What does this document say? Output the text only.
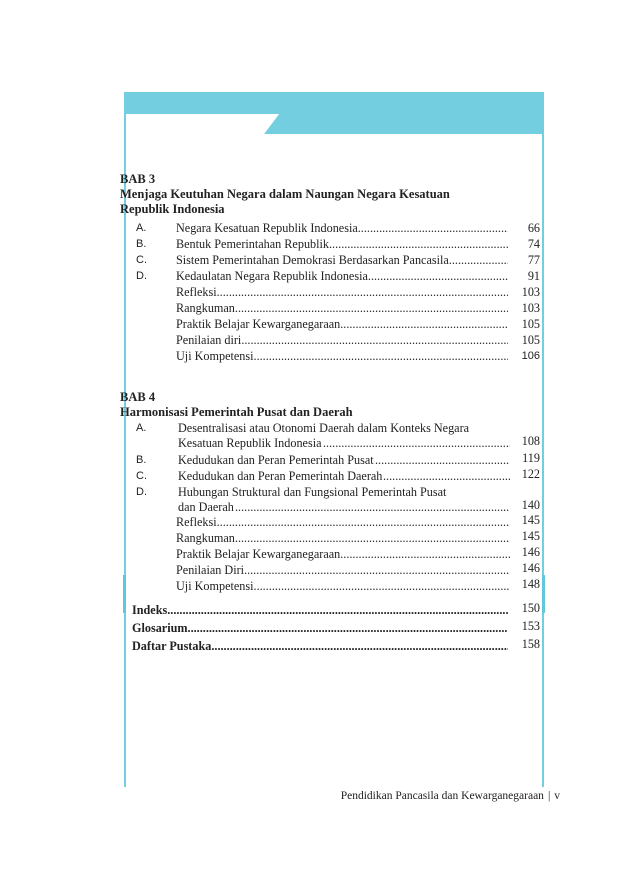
BAB 3
Menjaga Keutuhan Negara dalam Naungan Negara Kesatuan
Republik Indonesia
A. Negara Kesatuan Republik Indonesia .....	66
B. Bentuk Pemerintahan Republik .....	74
C. Sistem Pemerintahan Demokrasi Berdasarkan Pancasila .....	77
D. Kedaulatan Negara Republik Indonesia .....	91
Refleksi .....	103
Rangkuman .....	103
Praktik Belajar Kewarganegaraan .....	105
Penilaian diri .....	105
Uji Kompetensi .....	106
BAB 4
Harmonisasi Pemerintah Pusat dan Daerah
A.	Desentralisasi atau Otonomi Daerah dalam Konteks Negara
Kesatuan Republik Indonesia .....	108
B.	Kedudukan dan Peran Pemerintah Pusat .....	119
C.	Kedudukan dan Peran Pemerintah Daerah .....	122
D.	Hubungan Struktural dan Fungsional Pemerintah Pusat
dan Daerah .....	140
Refleksi .....	145
Rangkuman .....	145
Praktik Belajar Kewarganegaraan .....	146
Penilaian Diri .....	146
Uji Kompetensi .....	148
Indeks .....	150
Glosarium .....	153
Daftar Pustaka .....	158
Pendidikan Pancasila dan Kewarganegaraan | v
